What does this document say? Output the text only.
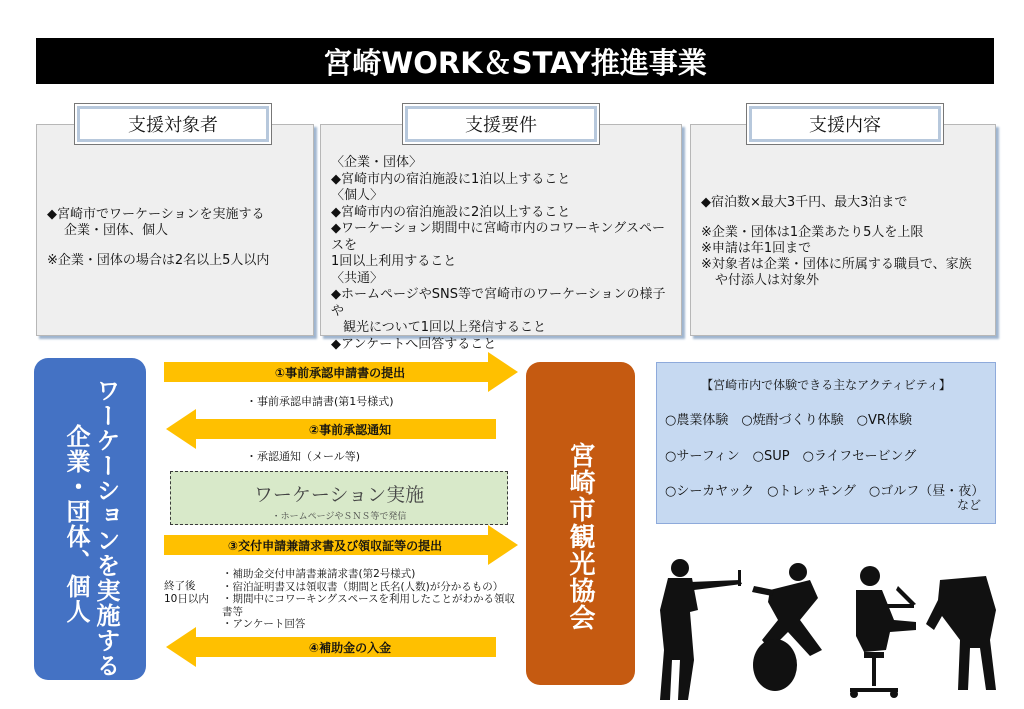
宮崎WORK＆STAY推進事業
◆宮崎市でワーケーションを実施する
企業・団体、個人
※企業・団体の場合は2名以上5人以内
支援対象者
〈企業・団体〉
◆宮崎市内の宿泊施設に1泊以上すること
〈個人〉
◆宮崎市内の宿泊施設に2泊以上すること
◆ワーケーション期間中に宮崎市内のコワーキングスペースを
1回以上利用すること
〈共通〉
◆ホームページやSNS等で宮崎市のワーケーションの様子や
観光について1回以上発信すること
◆アンケートへ回答すること
支援要件
◆宿泊数×最大3千円、最大3泊まで
※企業・団体は1企業あたり5人を上限
※申請は年1回まで
※対象者は企業・団体に所属する職員で、家族
や付添人は対象外
支援内容
ワーケーションを実施する
企業・団体、個人	宮崎市観光協会
①事前承認申請書の提出
・事前承認申請書(第1号様式)
②事前承認通知
・承認通知（メール等)
③交付申請兼請求書及び領収証等の提出
④補助金の入金
ワーケーション実施
・ホームページやＳＮＳ等で発信
終了後
10日以内
・補助金交付申請書兼請求書(第2号様式)
・宿泊証明書又は領収書（期間と氏名(人数)が分かるもの）
・期間中にコワーキングスペースを利用したことがわかる領収書等
・アンケート回答
【宮崎市内で体験できる主なアクティビティ】
○農業体験　○焼酎づくり体験　○VR体験
○サーフィン　○SUP　○ライフセービング
○シーカヤック　○トレッキング　○ゴルフ（昼・夜）
など
